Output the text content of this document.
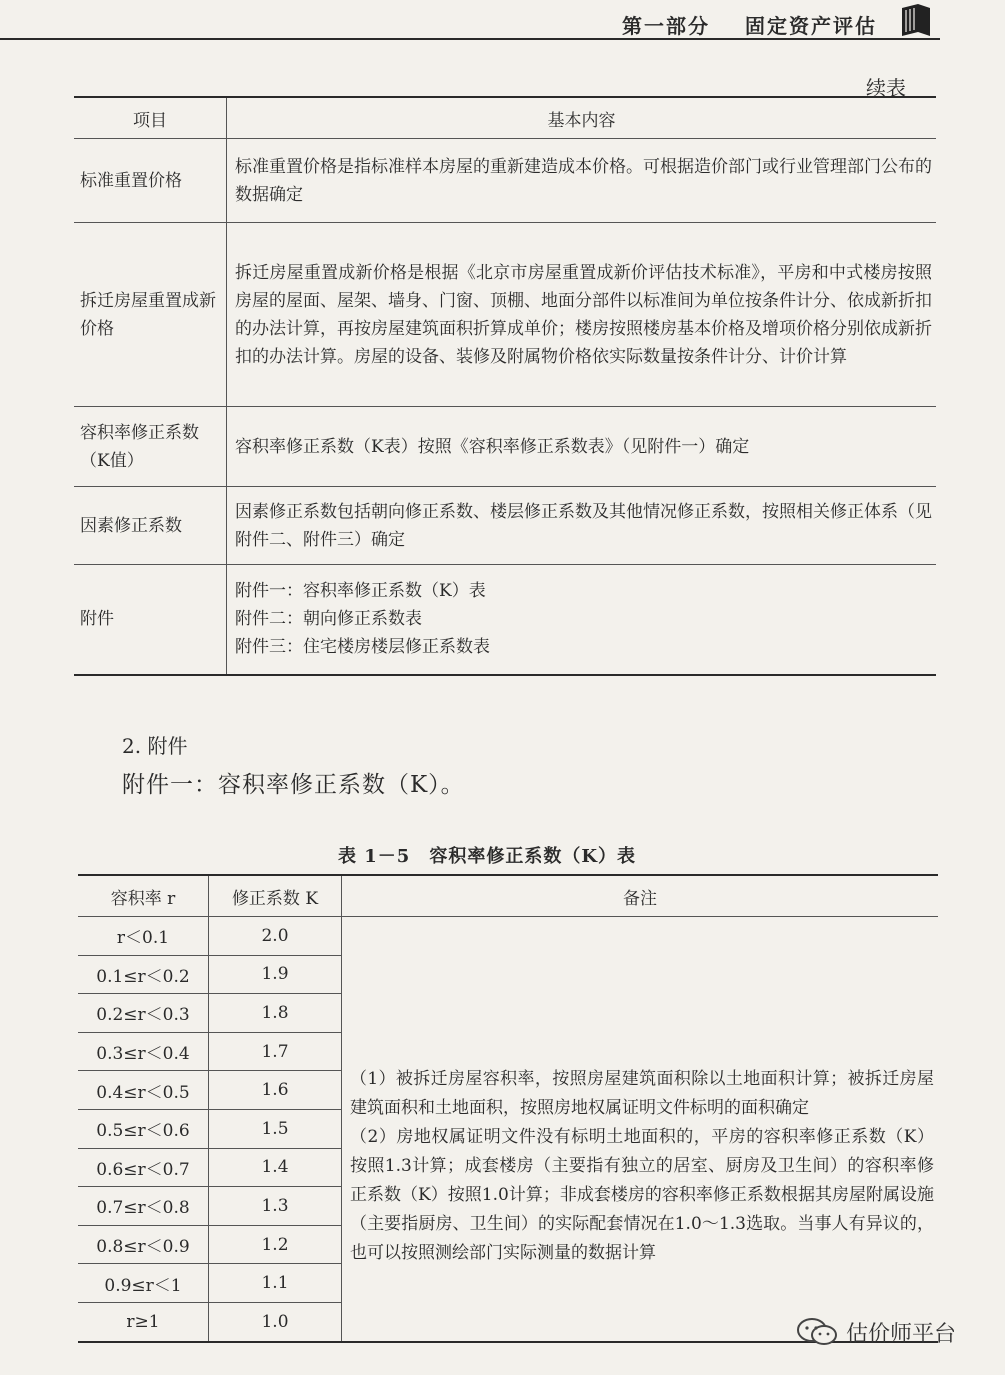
第一部分 固定资产评估
续表
项目	基本内容
标准重置价格	标准重置价格是指标准样本房屋的重新建造成本价格。可根据造价部门或行业管理部门公布的数据确定
拆迁房屋重置成新价格	拆迁房屋重置成新价格是根据《北京市房屋重置成新价评估技术标准》，平房和中式楼房按照房屋的屋面、屋架、墙身、门窗、顶棚、地面分部件以标准间为单位按条件计分、依成新折扣的办法计算，再按房屋建筑面积折算成单价；楼房按照楼房基本价格及增项价格分别依成新折扣的办法计算。房屋的设备、装修及附属物价格依实际数量按条件计分、计价计算
容积率修正系数（K值）	容积率修正系数（K表）按照《容积率修正系数表》（见附件一）确定
因素修正系数	因素修正系数包括朝向修正系数、楼层修正系数及其他情况修正系数，按照相关修正体系（见附件二、附件三）确定
附件	附件一：容积率修正系数（K）表
附件二：朝向修正系数表
附件三：住宅楼房楼层修正系数表
2. 附件
附件一：容积率修正系数（K）。
表 1－5　容积率修正系数（K）表
容积率 r	修正系数 K	备注
r＜0.1	2.0	（1）被拆迁房屋容积率，按照房屋建筑面积除以土地面积计算；被拆迁房屋建筑面积和土地面积，按照房地权属证明文件标明的面积确定
（2）房地权属证明文件没有标明土地面积的，平房的容积率修正系数（K）按照1.3计算；成套楼房（主要指有独立的居室、厨房及卫生间）的容积率修正系数（K）按照1.0计算；非成套楼房的容积率修正系数根据其房屋附属设施（主要指厨房、卫生间）的实际配套情况在1.0～1.3选取。当事人有异议的，也可以按照测绘部门实际测量的数据计算

0.1≤r＜0.2	1.9	
0.2≤r＜0.3	1.8	
0.3≤r＜0.4	1.7	
0.4≤r＜0.5	1.6	
0.5≤r＜0.6	1.5	
0.6≤r＜0.7	1.4	
0.7≤r＜0.8	1.3	
0.8≤r＜0.9	1.2	
0.9≤r＜1	1.1	
r≥1	1.0		估价师平台
